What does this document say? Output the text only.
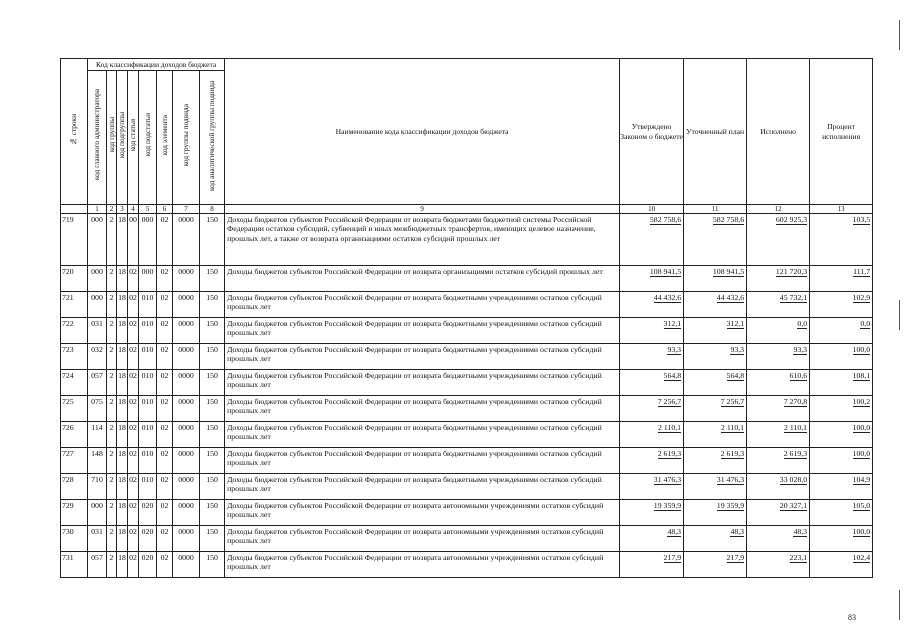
№ строки	Код классификации доходов бюджета								Наименование кода классификации доходов бюджета	Утверждено Законом о бюджете	Уточненный план	Исполнено	Процент исполнения
	код главного администратора	код группы	код подгруппы	код статьи	код подстатьи	код элемента	код группы подвида	код аналитической группы подвида					
	1	2	3	4	5	6	7	8	9	10	11	12	13
719	000	2	18	00	000	02	0000	150	Доходы бюджетов субъектов Российской Федерации от возврата бюджетами бюджетной системы Российской Федерации остатков субсидий, субвенций и иных межбюджетных трансфертов, имеющих целевое назначение, прошлых лет, а также от возврата организациями остатков субсидий прошлых лет	582 758,6	582 758,6	602 925,3	103,5
720	000	2	18	02	000	02	0000	150	Доходы бюджетов субъектов Российской Федерации от возврата организациями остатков субсидий прошлых лет	108 941,5	108 941,5	121 720,3	111,7
721	000	2	18	02	010	02	0000	150	Доходы бюджетов субъектов Российской Федерации от возврата бюджетными учреждениями остатков субсидий прошлых лет	44 432,6	44 432,6	45 732,1	102,9
722	031	2	18	02	010	02	0000	150	Доходы бюджетов субъектов Российской Федерации от возврата бюджетными учреждениями остатков субсидий прошлых лет	312,1	312,1	0,0	0,0
723	032	2	18	02	010	02	0000	150	Доходы бюджетов субъектов Российской Федерации от возврата бюджетными учреждениями остатков субсидий прошлых лет	93,3	93,3	93,3	100,0
724	057	2	18	02	010	02	0000	150	Доходы бюджетов субъектов Российской Федерации от возврата бюджетными учреждениями остатков субсидий прошлых лет	564,8	564,8	610,6	108,1
725	075	2	18	02	010	02	0000	150	Доходы бюджетов субъектов Российской Федерации от возврата бюджетными учреждениями остатков субсидий прошлых лет	7 256,7	7 256,7	7 270,8	100,2
726	114	2	18	02	010	02	0000	150	Доходы бюджетов субъектов Российской Федерации от возврата бюджетными учреждениями остатков субсидий прошлых лет	2 110,1	2 110,1	2 110,1	100,0
727	148	2	18	02	010	02	0000	150	Доходы бюджетов субъектов Российской Федерации от возврата бюджетными учреждениями остатков субсидий прошлых лет	2 619,3	2 619,3	2 619,3	100,0
728	710	2	18	02	010	02	0000	150	Доходы бюджетов субъектов Российской Федерации от возврата бюджетными учреждениями остатков субсидий прошлых лет	31 476,3	31 476,3	33 028,0	104,9
729	000	2	18	02	020	02	0000	150	Доходы бюджетов субъектов Российской Федерации от возврата автономными учреждениями остатков субсидий прошлых лет	19 359,9	19 359,9	20 327,1	105,0
730	031	2	18	02	020	02	0000	150	Доходы бюджетов субъектов Российской Федерации от возврата автономными учреждениями остатков субсидий прошлых лет	48,3	48,3	48,3	100,0
731	057	2	18	02	020	02	0000	150	Доходы бюджетов субъектов Российской Федерации от возврата автономными учреждениями остатков субсидий прошлых лет	217,9	217,9	223,1	102,4
83
